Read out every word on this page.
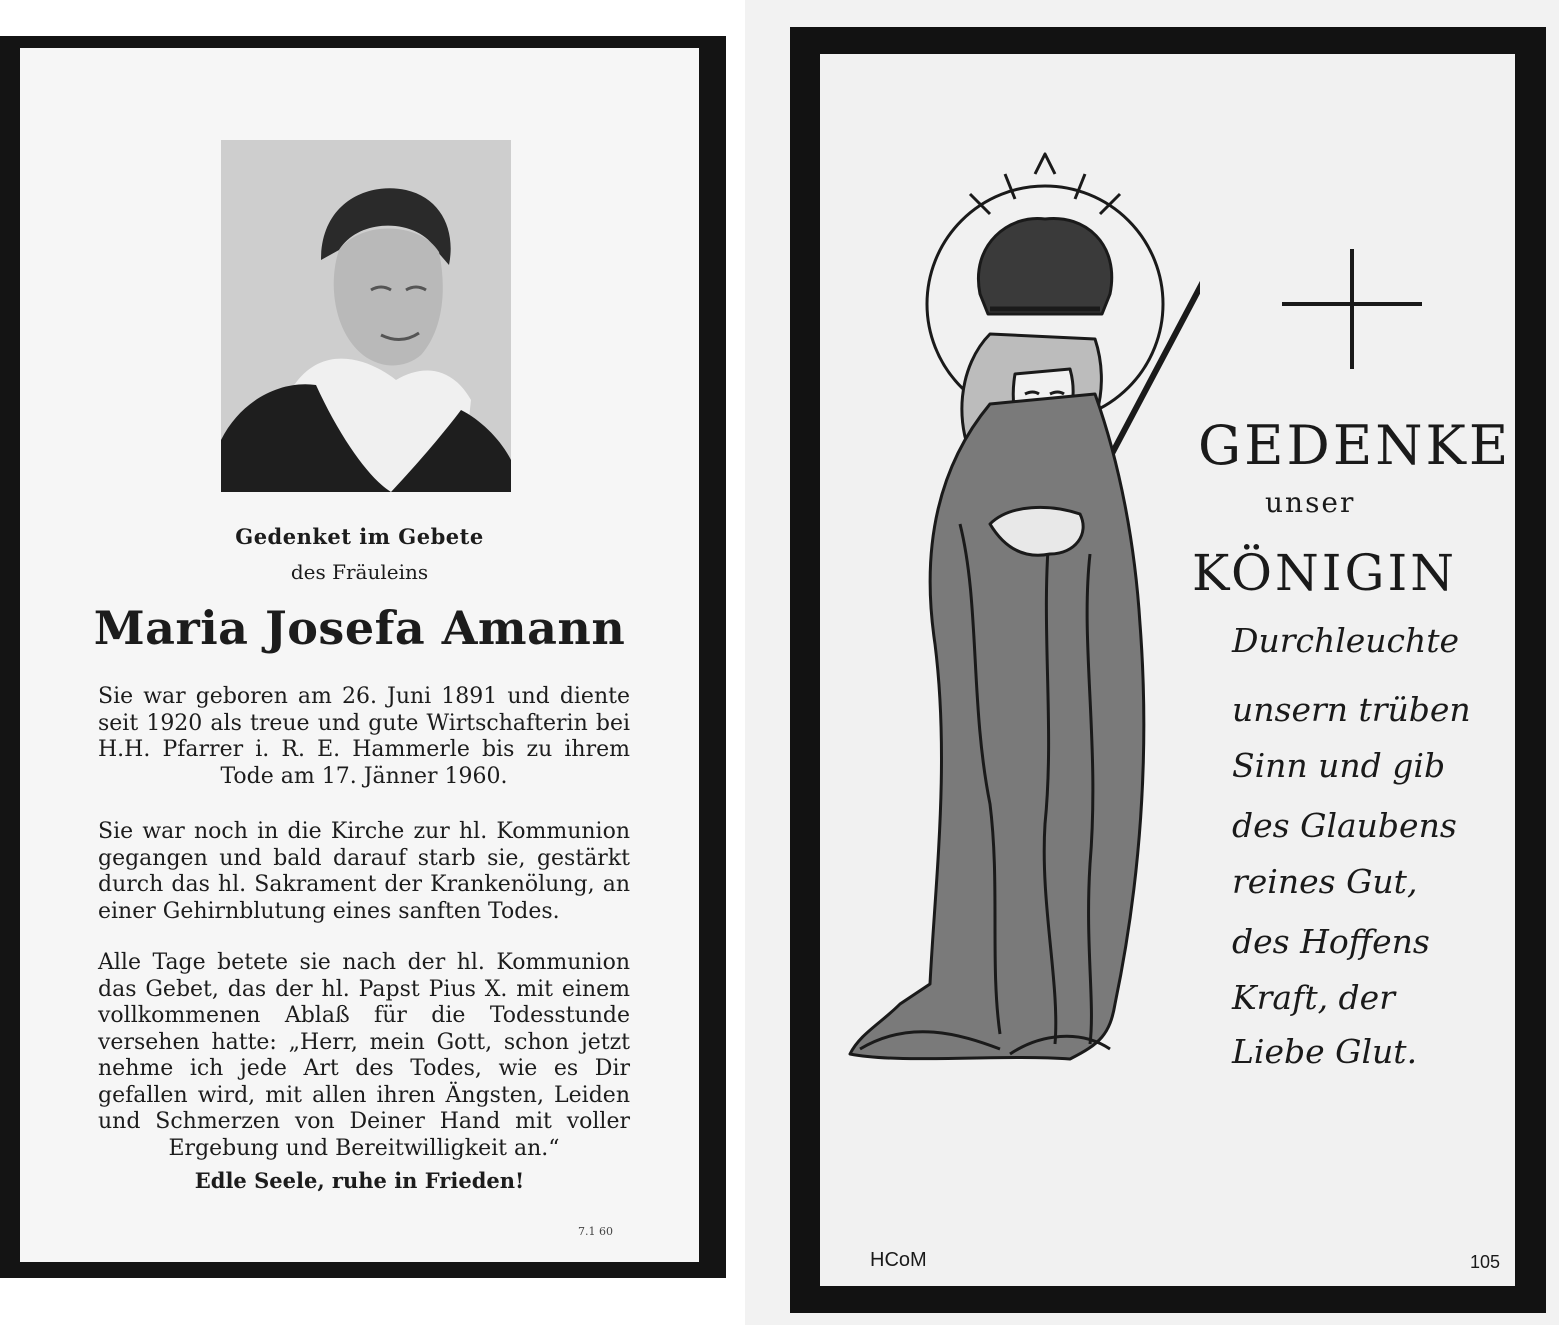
Gedenket im Gebete
des Fräuleins
Maria Josefa Amann

Sie war geboren am 26. Juni 1891 und diente seit 1920 als treue und gute Wirtschafterin bei H.H. Pfarrer i. R. E. Hammerle bis zu ihrem Tode am 17. Jänner 1960.

Sie war noch in die Kirche zur hl. Kommunion gegangen und bald darauf starb sie, gestärkt durch das hl. Sakrament der Krankenölung, an einer Gehirnblutung eines sanften Todes.

Alle Tage betete sie nach der hl. Kommunion das Gebet, das der hl. Papst Pius X. mit einem vollkommenen Ablaß für die Todesstunde versehen hatte: „Herr, mein Gott, schon jetzt nehme ich jede Art des Todes, wie es Dir gefallen wird, mit allen ihren Ängsten, Leiden und Schmerzen von Deiner Hand mit voller Ergebung und Bereitwilligkeit an.“

Edle Seele, ruhe in Frieden!
7.1 60
GEDENKE
unser
KÖNIGIN
Durchleuchte
unsern trüben
Sinn und gib
des Glaubens
reines Gut,
des Hoffens
Kraft, der
Liebe Glut.
HCoM	105
